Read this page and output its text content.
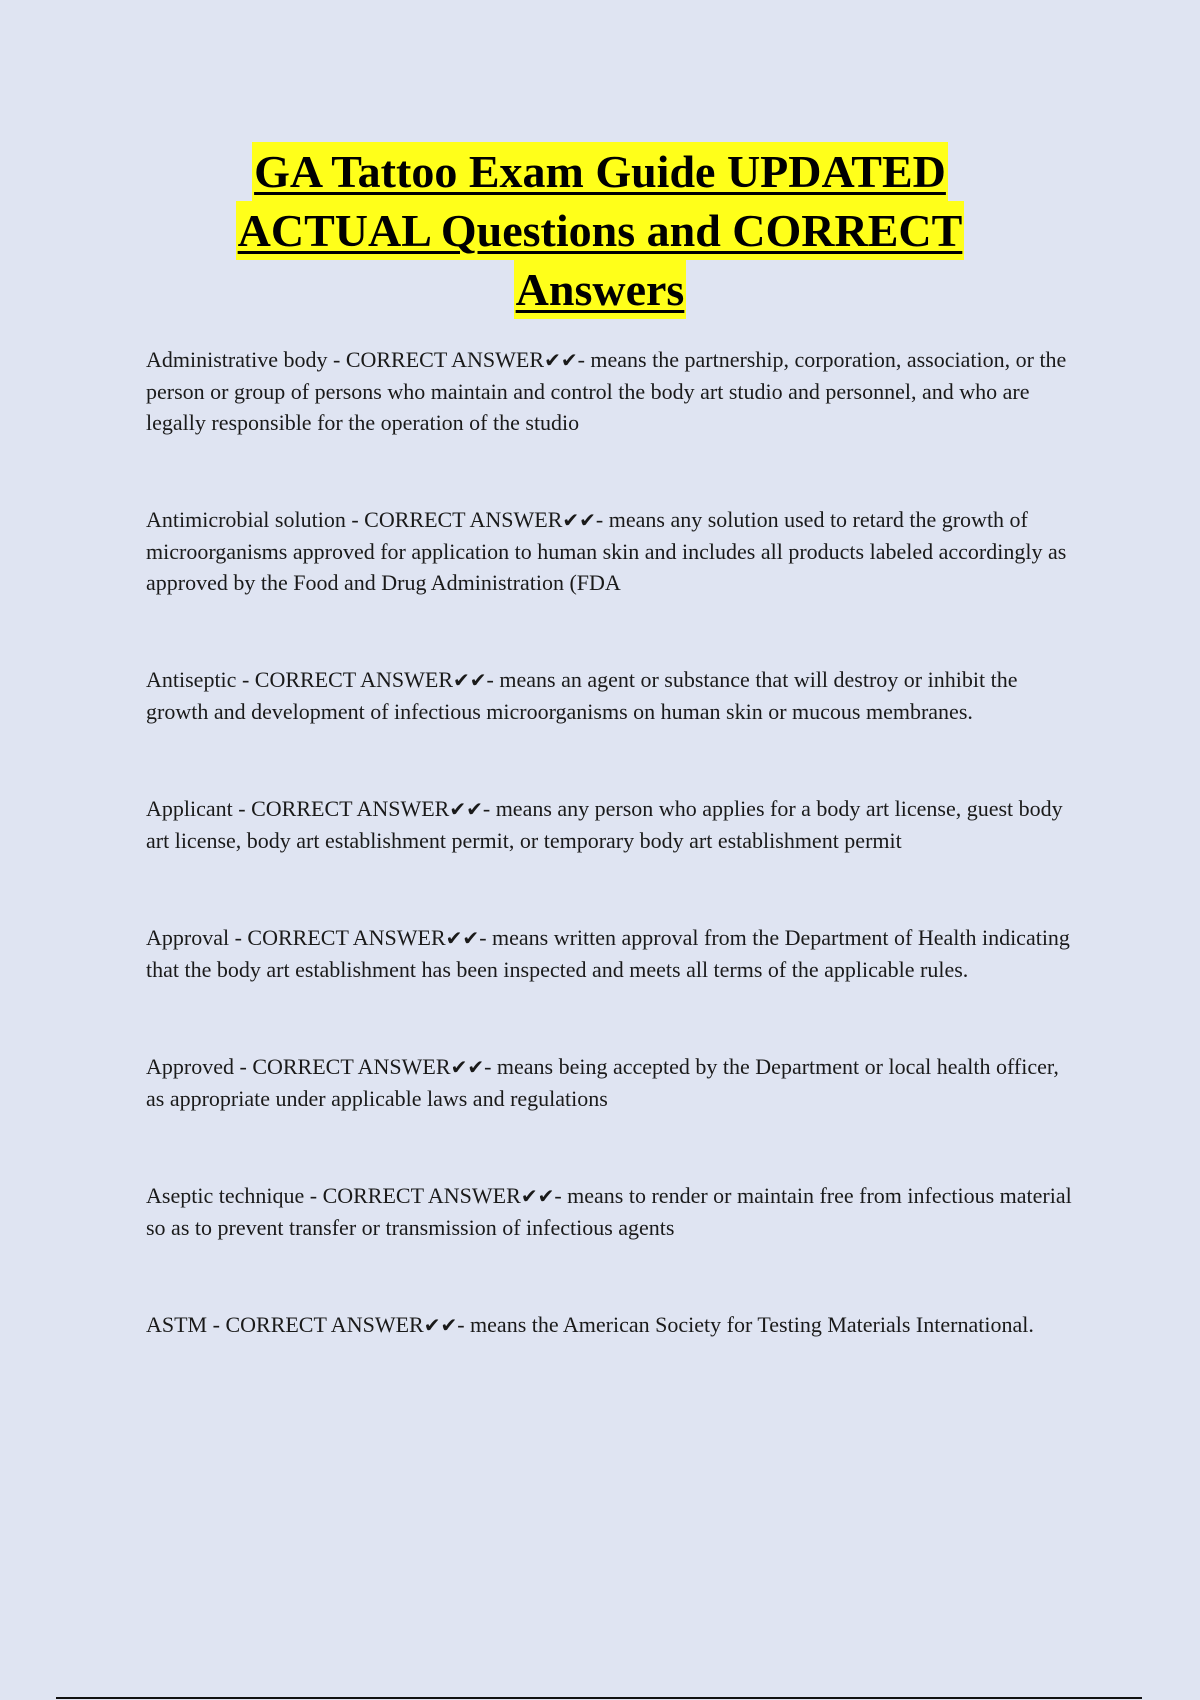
GA Tattoo Exam Guide UPDATED
ACTUAL Questions and CORRECT
Answers

Administrative body - CORRECT ANSWER✔✔- means the partnership, corporation, association, or the person or group of persons who maintain and control the body art studio and personnel, and who are legally responsible for the operation of the studio

Antimicrobial solution - CORRECT ANSWER✔✔- means any solution used to retard the growth of microorganisms approved for application to human skin and includes all products labeled accordingly as approved by the Food and Drug Administration (FDA

Antiseptic - CORRECT ANSWER✔✔- means an agent or substance that will destroy or inhibit the growth and development of infectious microorganisms on human skin or mucous membranes.

Applicant - CORRECT ANSWER✔✔- means any person who applies for a body art license, guest body art license, body art establishment permit, or temporary body art establishment permit

Approval - CORRECT ANSWER✔✔- means written approval from the Department of Health indicating that the body art establishment has been inspected and meets all terms of the applicable rules.

Approved - CORRECT ANSWER✔✔- means being accepted by the Department or local health officer, as appropriate under applicable laws and regulations

Aseptic technique - CORRECT ANSWER✔✔- means to render or maintain free from infectious material so as to prevent transfer or transmission of infectious agents

ASTM - CORRECT ANSWER✔✔- means the American Society for Testing Materials International.
